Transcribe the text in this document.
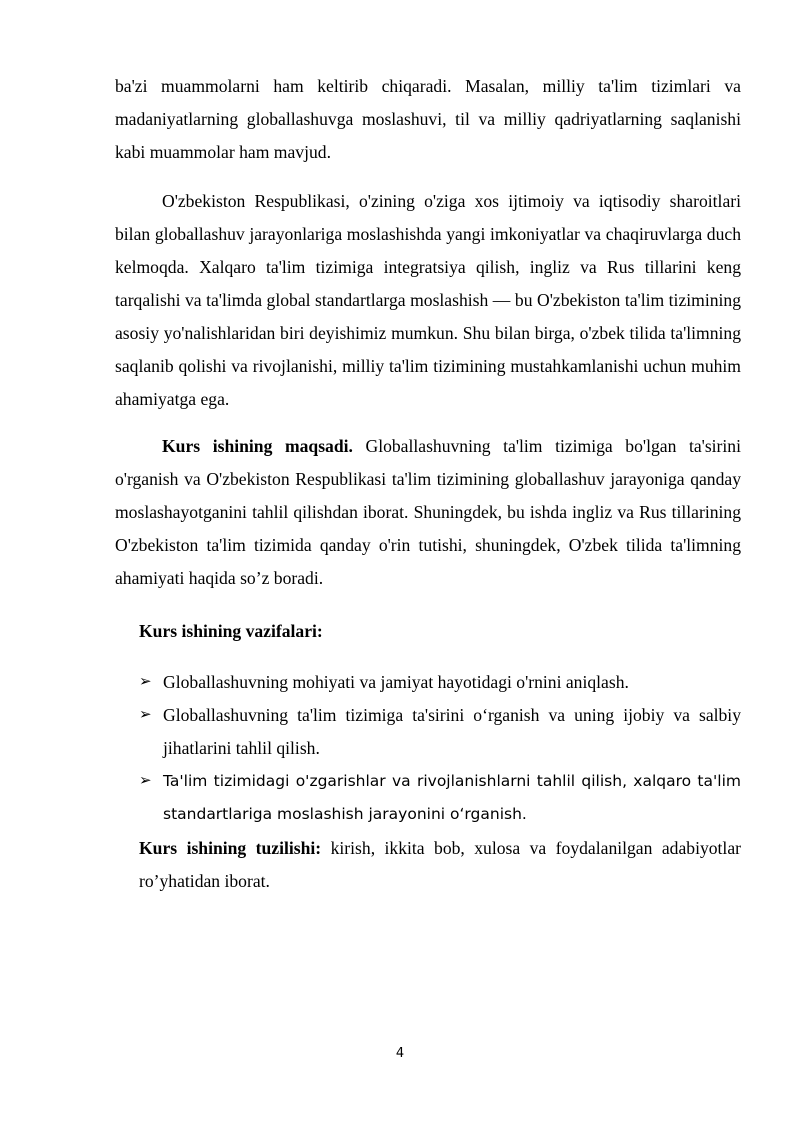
ba'zi muammolarni ham keltirib chiqaradi. Masalan, milliy ta'lim tizimlari va madaniyatlarning globallashuvga moslashuvi, til va milliy qadriyatlarning saqlanishi kabi muammolar ham mavjud.

O'zbekiston Respublikasi, o'zining o'ziga xos ijtimoiy va iqtisodiy sharoitlari bilan globallashuv jarayonlariga moslashishda yangi imkoniyatlar va chaqiruvlarga duch kelmoqda. Xalqaro ta'lim tizimiga integratsiya qilish, ingliz va Rus tillarini keng tarqalishi va ta'limda global standartlarga moslashish — bu O'zbekiston ta'lim tizimining asosiy yo'nalishlaridan biri deyishimiz mumkun. Shu bilan birga, o'zbek tilida ta'limning saqlanib qolishi va rivojlanishi, milliy ta'lim tizimining mustahkamlanishi uchun muhim ahamiyatga ega.

Kurs ishining maqsadi. Globallashuvning ta'lim tizimiga bo'lgan ta'sirini o'rganish va O'zbekiston Respublikasi ta'lim tizimining globallashuv jarayoniga qanday moslashayotganini tahlil qilishdan iborat. Shuningdek, bu ishda ingliz va Rus tillarining O'zbekiston ta'lim tizimida qanday o'rin tutishi, shuningdek, O'zbek tilida ta'limning ahamiyati haqida so’z boradi.

Kurs ishining vazifalari:

➢ Globallashuvning mohiyati va jamiyat hayotidagi o'rnini aniqlash.
➢ Globallashuvning ta'lim tizimiga ta'sirini oʻrganish va uning ijobiy va salbiy jihatlarini tahlil qilish.
➢ Ta'lim tizimidagi o'zgarishlar va rivojlanishlarni tahlil qilish, xalqaro ta'lim standartlariga moslashish jarayonini oʻrganish.

Kurs ishining tuzilishi: kirish, ikkita bob, xulosa va foydalanilgan adabiyotlar ro’yhatidan iborat.

4
